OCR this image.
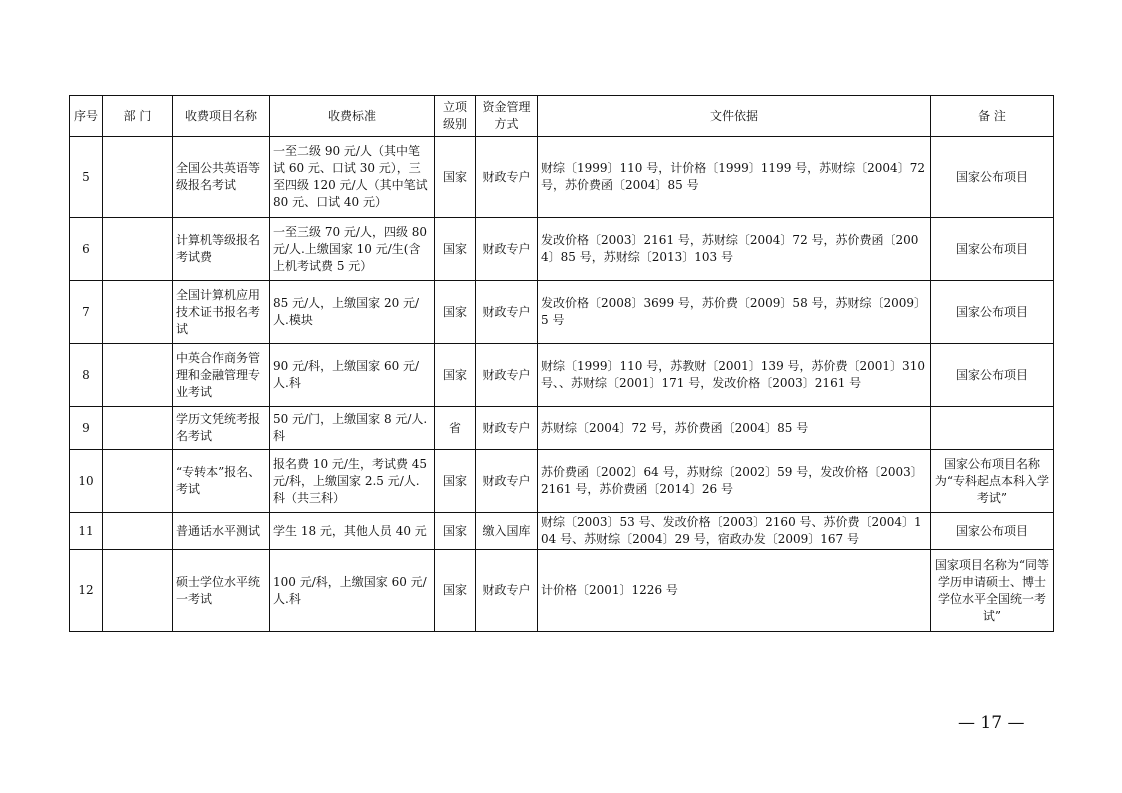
序号	部 门	收费项目名称	收费标准	立项级别	资金管理方式	文件依据	备 注
5		全国公共英语等级报名考试	一至二级 90 元/人（其中笔试 60 元、口试 30 元），三至四级 120 元/人（其中笔试 80 元、口试 40 元）	国家	财政专户	财综〔1999〕110 号，计价格〔1999〕1199 号，苏财综〔2004〕72 号，苏价费函〔2004〕85 号	国家公布项目
6		计算机等级报名考试费	一至三级 70 元/人，四级 80 元/人.上缴国家 10 元/生(含上机考试费 5 元）	国家	财政专户	发改价格〔2003〕2161 号，苏财综〔2004〕72 号，苏价费函〔2004〕85 号，苏财综〔2013〕103 号	国家公布项目
7		全国计算机应用技术证书报名考试	85 元/人，上缴国家 20 元/人.模块	国家	财政专户	发改价格〔2008〕3699 号，苏价费〔2009〕58 号，苏财综〔2009〕5 号	国家公布项目
8		中英合作商务管理和金融管理专业考试	90 元/科，上缴国家 60 元/人.科	国家	财政专户	财综〔1999〕110 号，苏教财〔2001〕139 号，苏价费〔2001〕310 号、、苏财综〔2001〕171 号，发改价格〔2003〕2161 号	国家公布项目
9		学历文凭统考报名考试	50 元/门，上缴国家 8 元/人.科	省	财政专户	苏财综〔2004〕72 号，苏价费函〔2004〕85 号	
10		“专转本”报名、考试	报名费 10 元/生，考试费 45 元/科，上缴国家 2.5 元/人.科（共三科）	国家	财政专户	苏价费函〔2002〕64 号，苏财综〔2002〕59 号，发改价格〔2003〕2161 号，苏价费函〔2014〕26 号	国家公布项目名称为“专科起点本科入学考试”
11		普通话水平测试	学生 18 元，其他人员 40 元	国家	缴入国库	财综〔2003〕53 号、发改价格〔2003〕2160 号、苏价费〔2004〕104 号、苏财综〔2004〕29 号，宿政办发〔2009〕167 号	国家公布项目
12		硕士学位水平统一考试	100 元/科，上缴国家 60 元/人.科	国家	财政专户	计价格〔2001〕1226 号	国家项目名称为“同等学历申请硕士、博士学位水平全国统一考试”
— 17 —
